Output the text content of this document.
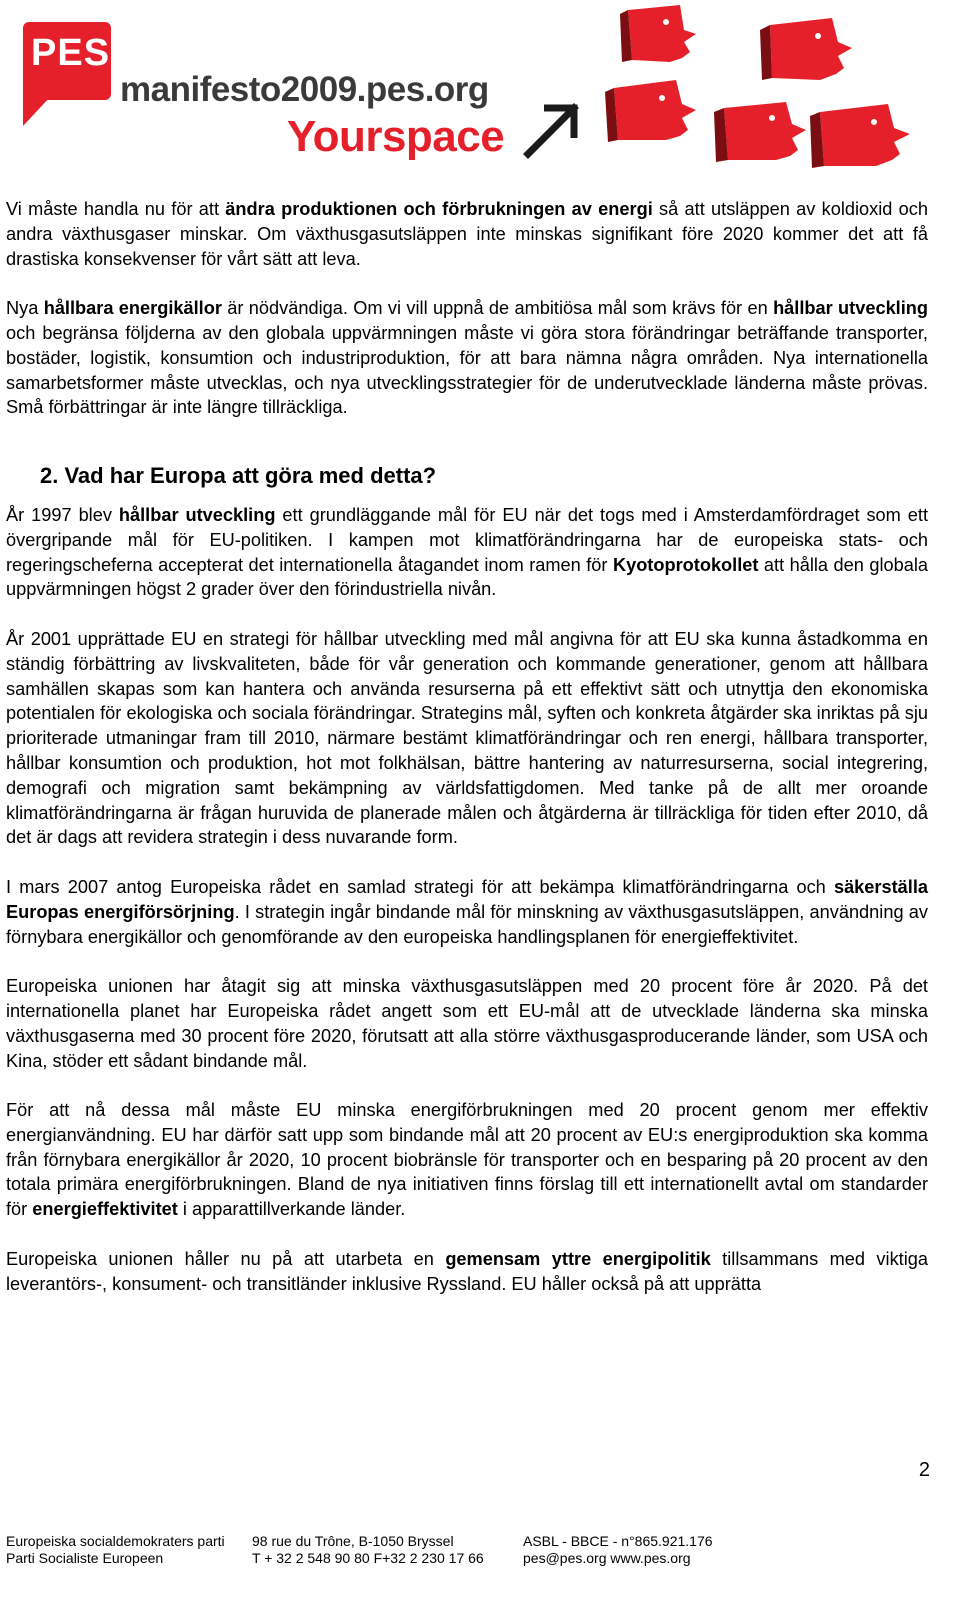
PES
manifesto2009.pes.org
Yourspace

Vi måste handla nu för att ändra produktionen och förbrukningen av energi så att utsläppen av koldioxid och andra växthusgaser minskar. Om växthusgasutsläppen inte minskas signifikant före 2020 kommer det att få drastiska konsekvenser för vårt sätt att leva.

Nya hållbara energikällor är nödvändiga. Om vi vill uppnå de ambitiösa mål som krävs för en hållbar utveckling och begränsa följderna av den globala uppvärmningen måste vi göra stora förändringar beträffande transporter, bostäder, logistik, konsumtion och industriproduktion, för att bara nämna några områden. Nya internationella samarbetsformer måste utvecklas, och nya utvecklingsstrategier för de underutvecklade länderna måste prövas. Små förbättringar är inte längre tillräckliga.

2. Vad har Europa att göra med detta?

År 1997 blev hållbar utveckling ett grundläggande mål för EU när det togs med i Amsterdamfördraget som ett övergripande mål för EU-politiken. I kampen mot klimatförändringarna har de europeiska stats- och regeringscheferna accepterat det internationella åtagandet inom ramen för Kyotoprotokollet att hålla den globala uppvärmningen högst 2 grader över den förindustriella nivån.

År 2001 upprättade EU en strategi för hållbar utveckling med mål angivna för att EU ska kunna åstadkomma en ständig förbättring av livskvaliteten, både för vår generation och kommande generationer, genom att hållbara samhällen skapas som kan hantera och använda resurserna på ett effektivt sätt och utnyttja den ekonomiska potentialen för ekologiska och sociala förändringar. Strategins mål, syften och konkreta åtgärder ska inriktas på sju prioriterade utmaningar fram till 2010, närmare bestämt klimatförändringar och ren energi, hållbara transporter, hållbar konsumtion och produktion, hot mot folkhälsan, bättre hantering av naturresurserna, social integrering, demografi och migration samt bekämpning av världsfattigdomen. Med tanke på de allt mer oroande klimatförändringarna är frågan huruvida de planerade målen och åtgärderna är tillräckliga för tiden efter 2010, då det är dags att revidera strategin i dess nuvarande form.

I mars 2007 antog Europeiska rådet en samlad strategi för att bekämpa klimatförändringarna och säkerställa Europas energiförsörjning. I strategin ingår bindande mål för minskning av växthusgasutsläppen, användning av förnybara energikällor och genomförande av den europeiska handlingsplanen för energieffektivitet.

Europeiska unionen har åtagit sig att minska växthusgasutsläppen med 20 procent före år 2020. På det internationella planet har Europeiska rådet angett som ett EU-mål att de utvecklade länderna ska minska växthusgaserna med 30 procent före 2020, förutsatt att alla större växthusgasproducerande länder, som USA och Kina, stöder ett sådant bindande mål.

För att nå dessa mål måste EU minska energiförbrukningen med 20 procent genom mer effektiv energianvändning. EU har därför satt upp som bindande mål att 20 procent av EU:s energiproduktion ska komma från förnybara energikällor år 2020, 10 procent biobränsle för transporter och en besparing på 20 procent av den totala primära energiförbrukningen. Bland de nya initiativen finns förslag till ett internationellt avtal om standarder för energieffektivitet i apparattillverkande länder.

Europeiska unionen håller nu på att utarbeta en gemensam yttre energipolitik tillsammans med viktiga leverantörs-, konsument- och transitländer inklusive Ryssland. EU håller också på att upprätta

2
Europeiska socialdemokraters parti
Parti Socialiste Europeen
98 rue du Trône, B-1050 Bryssel
T + 32 2 548 90 80 F+32 2 230 17 66
ASBL - BBCE - n°865.921.176
pes@pes.org www.pes.org
